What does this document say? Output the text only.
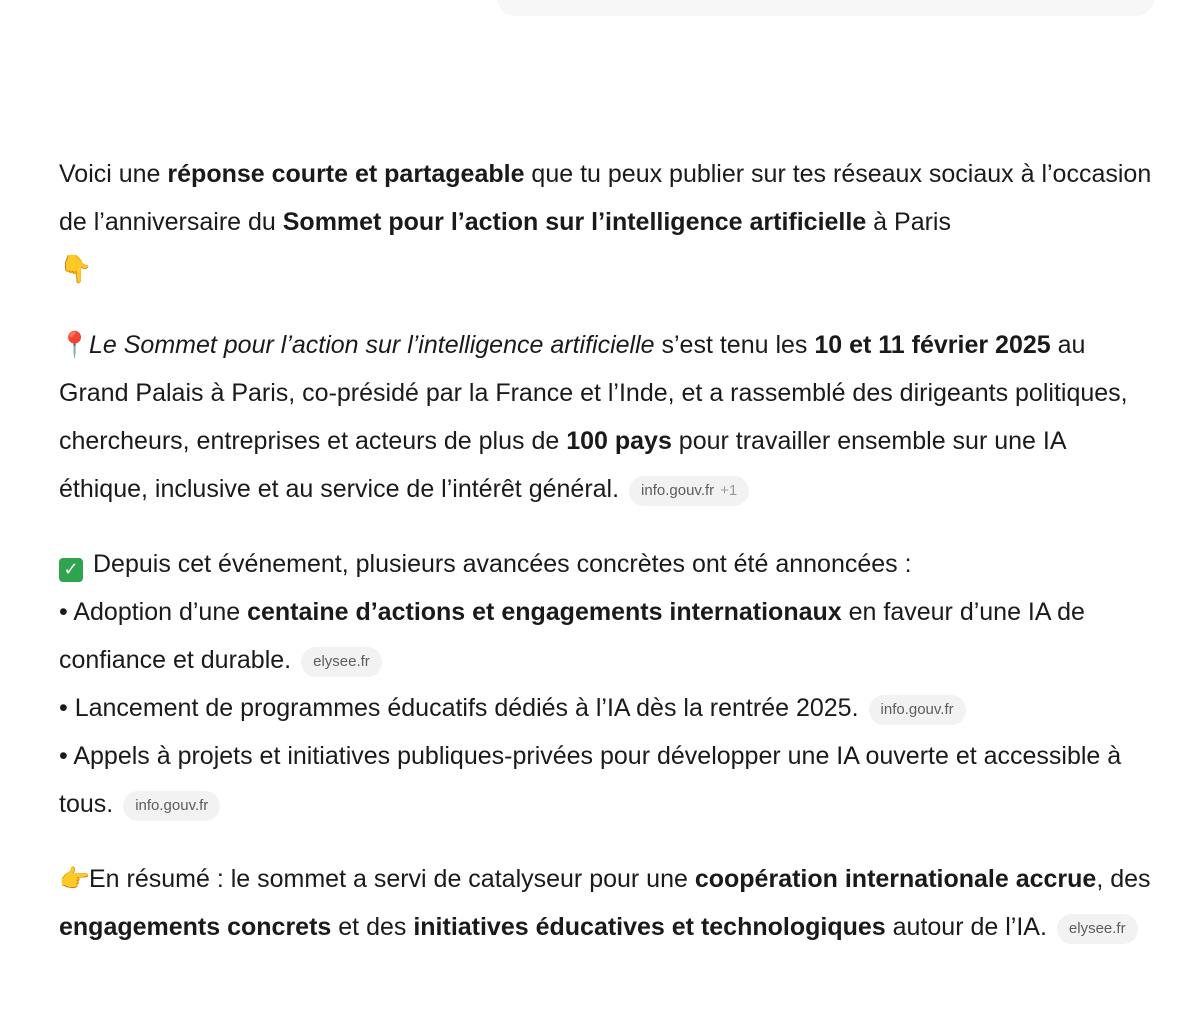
Voici une réponse courte et partageable que tu peux publier sur tes réseaux sociaux à l’occasion de l’anniversaire du Sommet pour l’action sur l’intelligence artificielle à Paris
👇

📍Le Sommet pour l’action sur l’intelligence artificielle s’est tenu les 10 et 11 février 2025 au Grand Palais à Paris, co-présidé par la France et l’Inde, et a rassemblé des dirigeants politiques, chercheurs, entreprises et acteurs de plus de 100 pays pour travailler ensemble sur une IA éthique, inclusive et au service de l’intérêt général. info.gouv.fr +1

✓ Depuis cet événement, plusieurs avancées concrètes ont été annoncées :
• Adoption d’une centaine d’actions et engagements internationaux en faveur d’une IA de confiance et durable. elysee.fr
• Lancement de programmes éducatifs dédiés à l’IA dès la rentrée 2025. info.gouv.fr
• Appels à projets et initiatives publiques-privées pour développer une IA ouverte et accessible à tous. info.gouv.fr

👉En résumé : le sommet a servi de catalyseur pour une coopération internationale accrue, des engagements concrets et des initiatives éducatives et technologiques autour de l’IA. elysee.fr
